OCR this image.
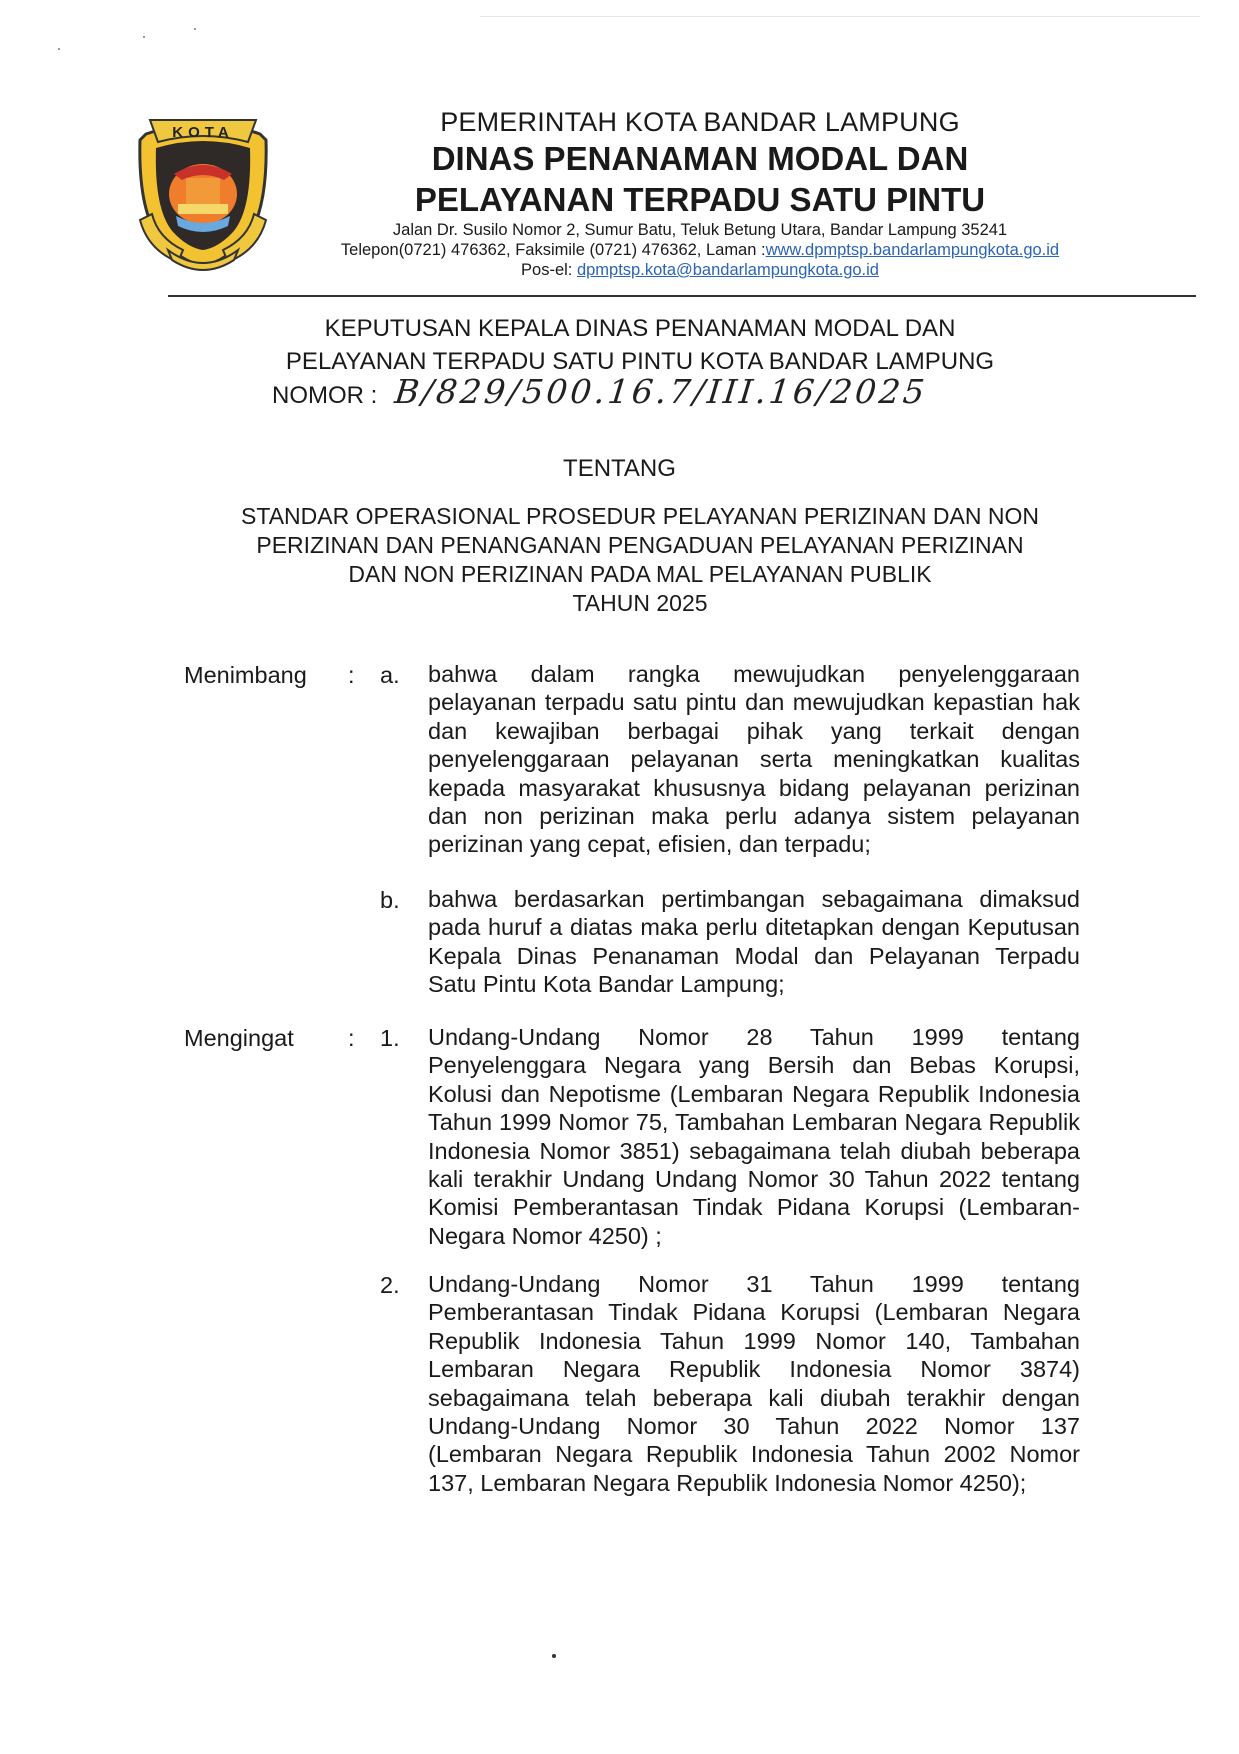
KOTA	PEMERINTAH KOTA BANDAR LAMPUNG
DINAS PENANAMAN MODAL DAN
PELAYANAN TERPADU SATU PINTU
Jalan Dr. Susilo Nomor 2, Sumur Batu, Teluk Betung Utara, Bandar Lampung 35241
Telepon(0721) 476362, Faksimile (0721) 476362, Laman :www.dpmptsp.bandarlampungkota.go.id
Pos-el: dpmptsp.kota@bandarlampungkota.go.id
KEPUTUSAN KEPALA DINAS PENANAMAN MODAL DAN
PELAYANAN TERPADU SATU PINTU KOTA BANDAR LAMPUNG
NOMOR : B/829/500.16.7/III.16/2025
TENTANG
STANDAR OPERASIONAL PROSEDUR PELAYANAN PERIZINAN DAN NON
PERIZINAN DAN PENANGANAN PENGADUAN PELAYANAN PERIZINAN
DAN NON PERIZINAN PADA MAL PELAYANAN PUBLIK
TAHUN 2025
Menimbang : a. bahwa dalam rangka mewujudkan penyelenggaraan pelayanan terpadu satu pintu dan mewujudkan kepastian hak dan kewajiban berbagai pihak yang terkait dengan penyelenggaraan pelayanan serta meningkatkan kualitas kepada masyarakat khususnya bidang pelayanan perizinan dan non perizinan maka perlu adanya sistem pelayanan perizinan yang cepat, efisien, dan terpadu;
b. bahwa berdasarkan pertimbangan sebagaimana dimaksud pada huruf a diatas maka perlu ditetapkan dengan Keputusan Kepala Dinas Penanaman Modal dan Pelayanan Terpadu Satu Pintu Kota Bandar Lampung;
Mengingat : 1. Undang-Undang Nomor 28 Tahun 1999 tentang Penyelenggara Negara yang Bersih dan Bebas Korupsi, Kolusi dan Nepotisme (Lembaran Negara Republik Indonesia Tahun 1999 Nomor 75, Tambahan Lembaran Negara Republik Indonesia Nomor 3851) sebagaimana telah diubah beberapa kali terakhir Undang Undang Nomor 30 Tahun 2022 tentang Komisi Pemberantasan Tindak Pidana Korupsi (Lembaran-Negara Nomor 4250) ;
2. Undang-Undang Nomor 31 Tahun 1999 tentang Pemberantasan Tindak Pidana Korupsi (Lembaran Negara Republik Indonesia Tahun 1999 Nomor 140, Tambahan Lembaran Negara Republik Indonesia Nomor 3874) sebagaimana telah beberapa kali diubah terakhir dengan Undang-Undang Nomor 30 Tahun 2022 Nomor 137 (Lembaran Negara Republik Indonesia Tahun 2002 Nomor 137, Lembaran Negara Republik Indonesia Nomor 4250);
